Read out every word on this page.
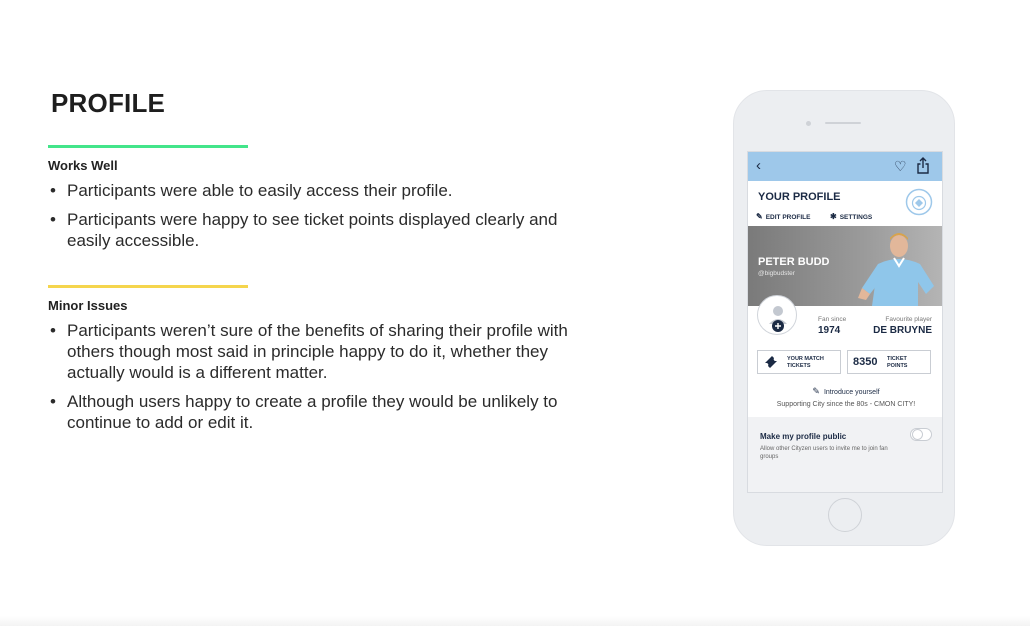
PROFILE
Works Well
• Participants were able to easily access their profile.
• Participants were happy to see ticket points displayed clearly and easily accessible.
Minor Issues
• Participants weren’t sure of the benefits of sharing their profile with others though most said in principle happy to do it, whether they actually would is a different matter.
• Although users happy to create a profile they would be unlikely to continue to add or edit it.
‹	♡
YOUR PROFILE
✎ EDIT PROFILE ✱ SETTINGS
PETER BUDD
@bigbudster
Fan since
1974
Favourite player
DE BRUYNE
YOUR MATCH TICKETS	8350 TICKET POINTS
✎ Introduce yourself
Supporting City since the 80s - CMON CITY!
Make my profile public
Allow other Cityzen users to invite me to join fan groups
